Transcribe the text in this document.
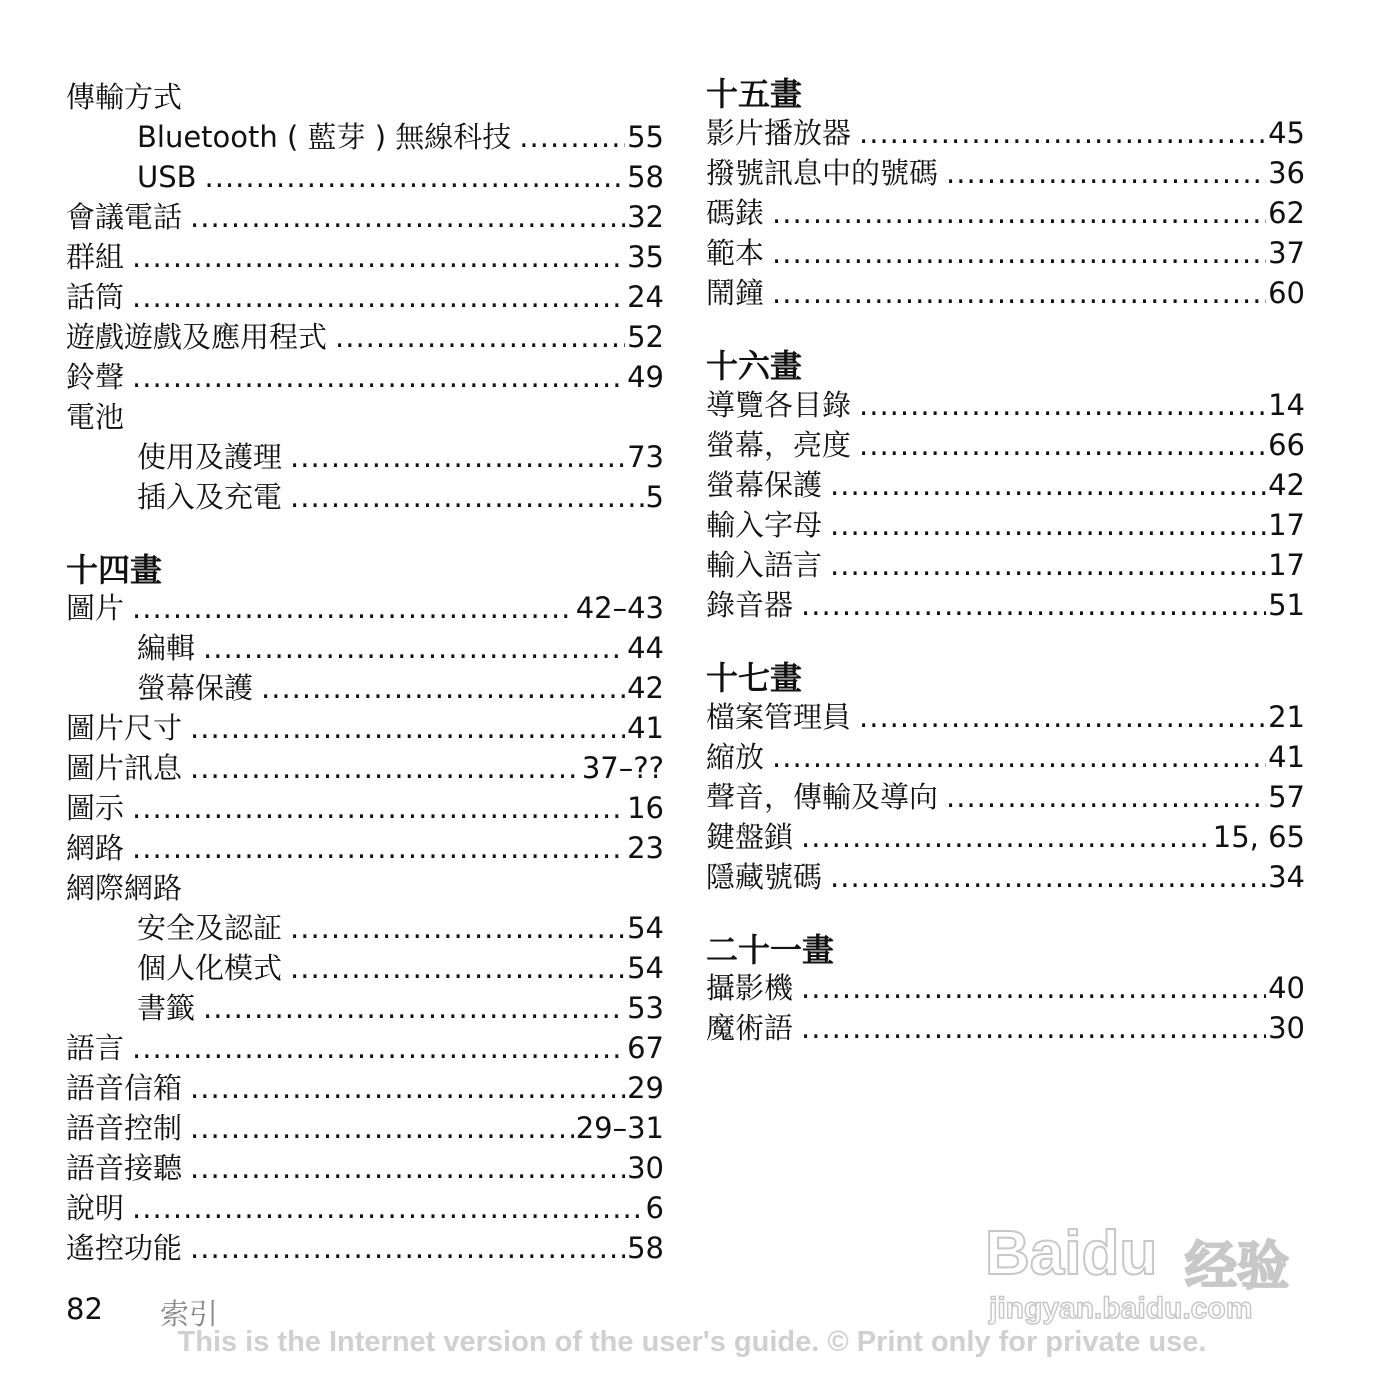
傳輸方式
Bluetooth ( 藍芽 ) 無線科技 .....	55
USB .....	58
會議電話 .....	32
群組 .....	35
話筒 .....	24
遊戲遊戲及應用程式 .....	52
鈴聲 .....	49
電池
使用及護理 .....	73
插入及充電 .....	5
十四畫
圖片 .....	42–43
編輯 .....	44
螢幕保護 .....	42
圖片尺寸 .....	41
圖片訊息 .....	37–??
圖示 .....	16
網路 .....	23
網際網路
安全及認証 .....	54
個人化模式 .....	54
書籤 .....	53
語言 .....	67
語音信箱 .....	29
語音控制 .....	29–31
語音接聽 .....	30
說明 .....	6
遙控功能 .....	58
十五畫
影片播放器 .....	45
撥號訊息中的號碼 .....	36
碼錶 .....	62
範本 .....	37
鬧鐘 .....	60
十六畫
導覽各目錄 .....	14
螢幕，亮度 .....	66
螢幕保護 .....	42
輸入字母 .....	17
輸入語言 .....	17
錄音器 .....	51
十七畫
檔案管理員 .....	21
縮放 .....	41
聲音，傳輸及導向 .....	57
鍵盤鎖 .....	15, 65
隱藏號碼 .....	34
二十一畫
攝影機 .....	40
魔術語 .....	30
82 索引
This is the Internet version of the user's guide. © Print only for private use.
Baidu 经验
jingyan.baidu.com
